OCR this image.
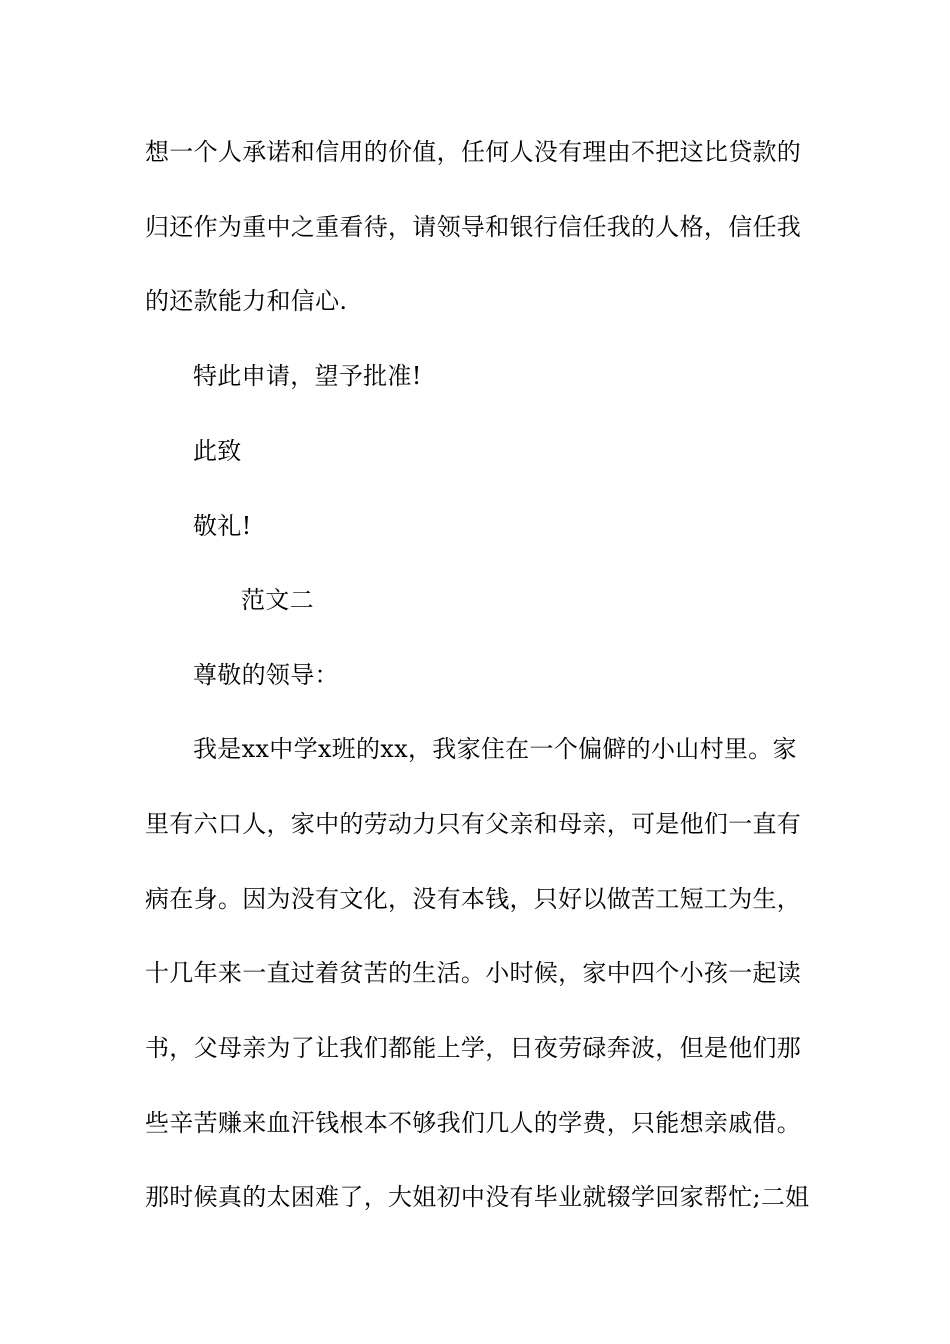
想一个人承诺和信用的价值，任何人没有理由不把这比贷款的
归还作为重中之重看待，请领导和银行信任我的人格，信任我
的还款能力和信心.
特此申请，望予批准!
此致
敬礼!
范文二
尊敬的领导：
我是xx中学x班的xx，我家住在一个偏僻的小山村里。家
里有六口人，家中的劳动力只有父亲和母亲，可是他们一直有
病在身。因为没有文化，没有本钱，只好以做苦工短工为生，
十几年来一直过着贫苦的生活。小时候，家中四个小孩一起读
书，父母亲为了让我们都能上学，日夜劳碌奔波，但是他们那
些辛苦赚来血汗钱根本不够我们几人的学费，只能想亲戚借。
那时候真的太困难了，大姐初中没有毕业就辍学回家帮忙;二姐
